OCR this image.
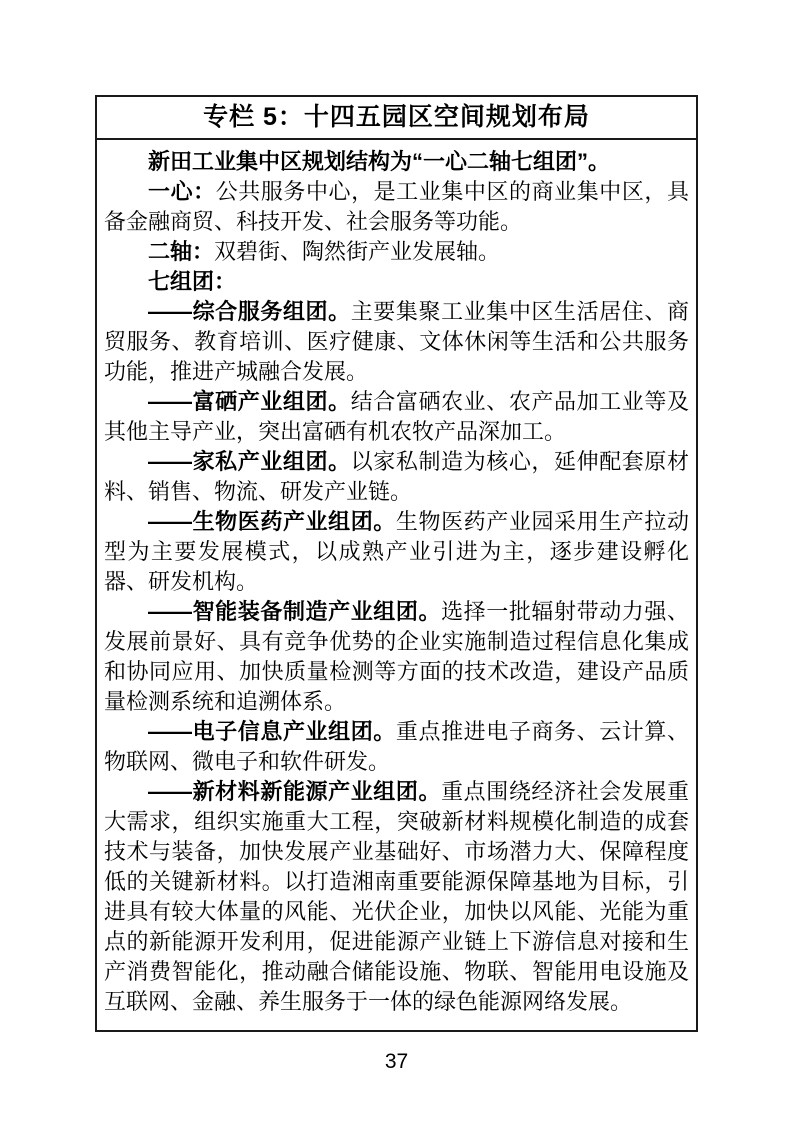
专栏 5：十四五园区空间规划布局

新田工业集中区规划结构为“一心二轴七组团”。

一心：公共服务中心，是工业集中区的商业集中区，具备金融商贸、科技开发、社会服务等功能。

二轴：双碧街、陶然街产业发展轴。

七组团：

——综合服务组团。主要集聚工业集中区生活居住、商贸服务、教育培训、医疗健康、文体休闲等生活和公共服务功能，推进产城融合发展。

——富硒产业组团。结合富硒农业、农产品加工业等及其他主导产业，突出富硒有机农牧产品深加工。

——家私产业组团。以家私制造为核心，延伸配套原材料、销售、物流、研发产业链。

——生物医药产业组团。生物医药产业园采用生产拉动型为主要发展模式，以成熟产业引进为主，逐步建设孵化器、研发机构。

——智能装备制造产业组团。选择一批辐射带动力强、发展前景好、具有竞争优势的企业实施制造过程信息化集成和协同应用、加快质量检测等方面的技术改造，建设产品质量检测系统和追溯体系。

——电子信息产业组团。重点推进电子商务、云计算、物联网、微电子和软件研发。

——新材料新能源产业组团。重点围绕经济社会发展重大需求，组织实施重大工程，突破新材料规模化制造的成套技术与装备，加快发展产业基础好、市场潜力大、保障程度低的关键新材料。以打造湘南重要能源保障基地为目标，引进具有较大体量的风能、光伏企业，加快以风能、光能为重点的新能源开发利用，促进能源产业链上下游信息对接和生产消费智能化，推动融合储能设施、物联、智能用电设施及互联网、金融、养生服务于一体的绿色能源网络发展。

37
